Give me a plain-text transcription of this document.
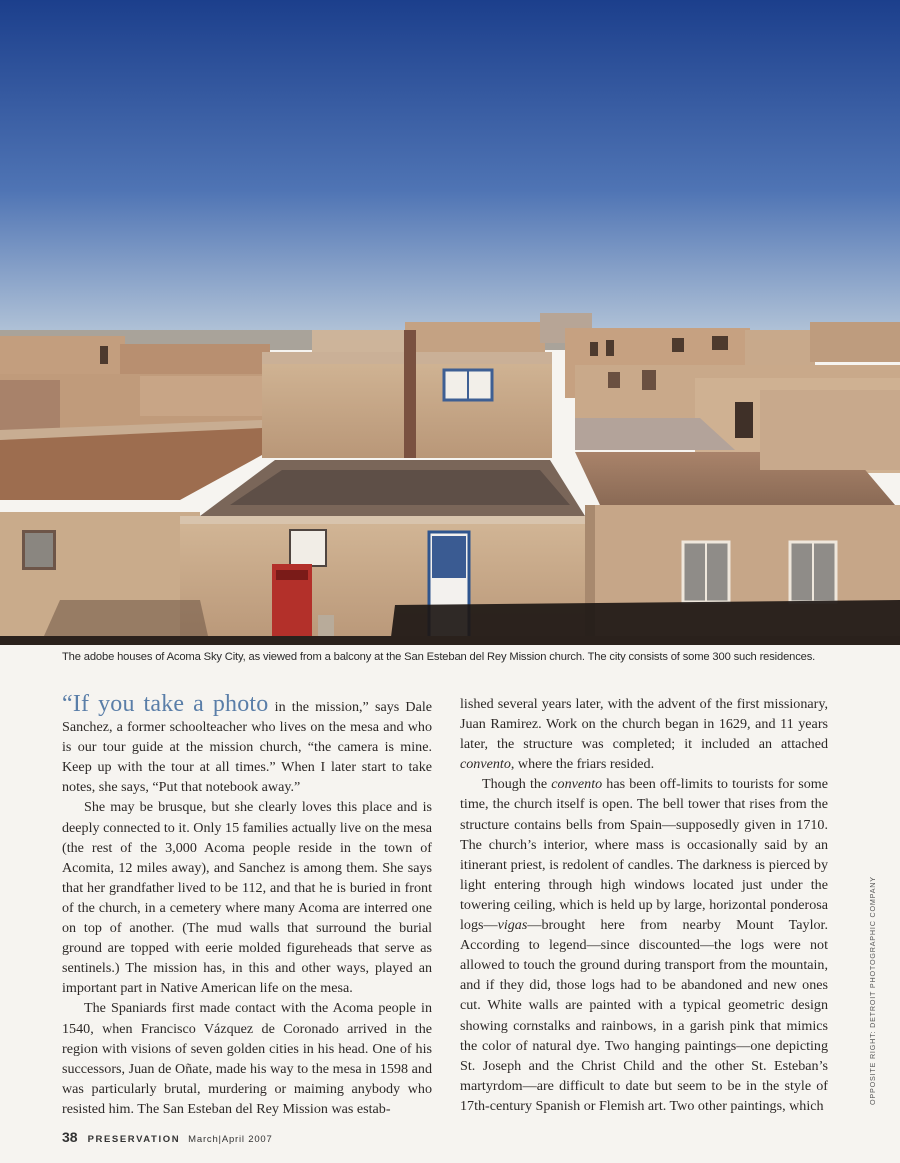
The adobe houses of Acoma Sky City, as viewed from a balcony at the San Esteban del Rey Mission church. The city consists of some 300 such residences.

“If you take a photo in the mission,” says Dale Sanchez, a former schoolteacher who lives on the mesa and who is our tour guide at the mission church, “the camera is mine. Keep up with the tour at all times.” When I later start to take notes, she says, “Put that notebook away.”

She may be brusque, but she clearly loves this place and is deeply connected to it. Only 15 families actually live on the mesa (the rest of the 3,000 Acoma people reside in the town of Acomita, 12 miles away), and Sanchez is among them. She says that her grandfather lived to be 112, and that he is buried in front of the church, in a cemetery where many Acoma are interred one on top of another. (The mud walls that surround the burial ground are topped with eerie molded figureheads that serve as sentinels.) The mission has, in this and other ways, played an important part in Native American life on the mesa.

The Spaniards first made contact with the Acoma people in 1540, when Francisco Vázquez de Coronado arrived in the region with visions of seven golden cities in his head. One of his successors, Juan de Oñate, made his way to the mesa in 1598 and was particularly brutal, murdering or maiming anybody who resisted him. The San Esteban del Rey Mission was estab-

lished several years later, with the advent of the first missionary, Juan Ramirez. Work on the church began in 1629, and 11 years later, the structure was completed; it included an attached convento, where the friars resided.

Though the convento has been off-limits to tourists for some time, the church itself is open. The bell tower that rises from the structure contains bells from Spain—supposedly given in 1710. The church’s interior, where mass is occasionally said by an itinerant priest, is redolent of candles. The darkness is pierced by light entering through high windows located just under the towering ceiling, which is held up by large, horizontal ponderosa logs—vigas—brought here from nearby Mount Taylor. According to legend—since discounted—the logs were not allowed to touch the ground during transport from the mountain, and if they did, those logs had to be abandoned and new ones cut. White walls are painted with a typical geometric design showing cornstalks and rainbows, in a garish pink that mimics the color of natural dye. Two hanging paintings—one depicting St. Joseph and the Christ Child and the other St. Esteban’s martyrdom—are difficult to date but seem to be in the style of 17th-century Spanish or Flemish art. Two other paintings, which

38 PRESERVATION March|April 2007
OPPOSITE RIGHT: DETROIT PHOTOGRAPHIC COMPANY
